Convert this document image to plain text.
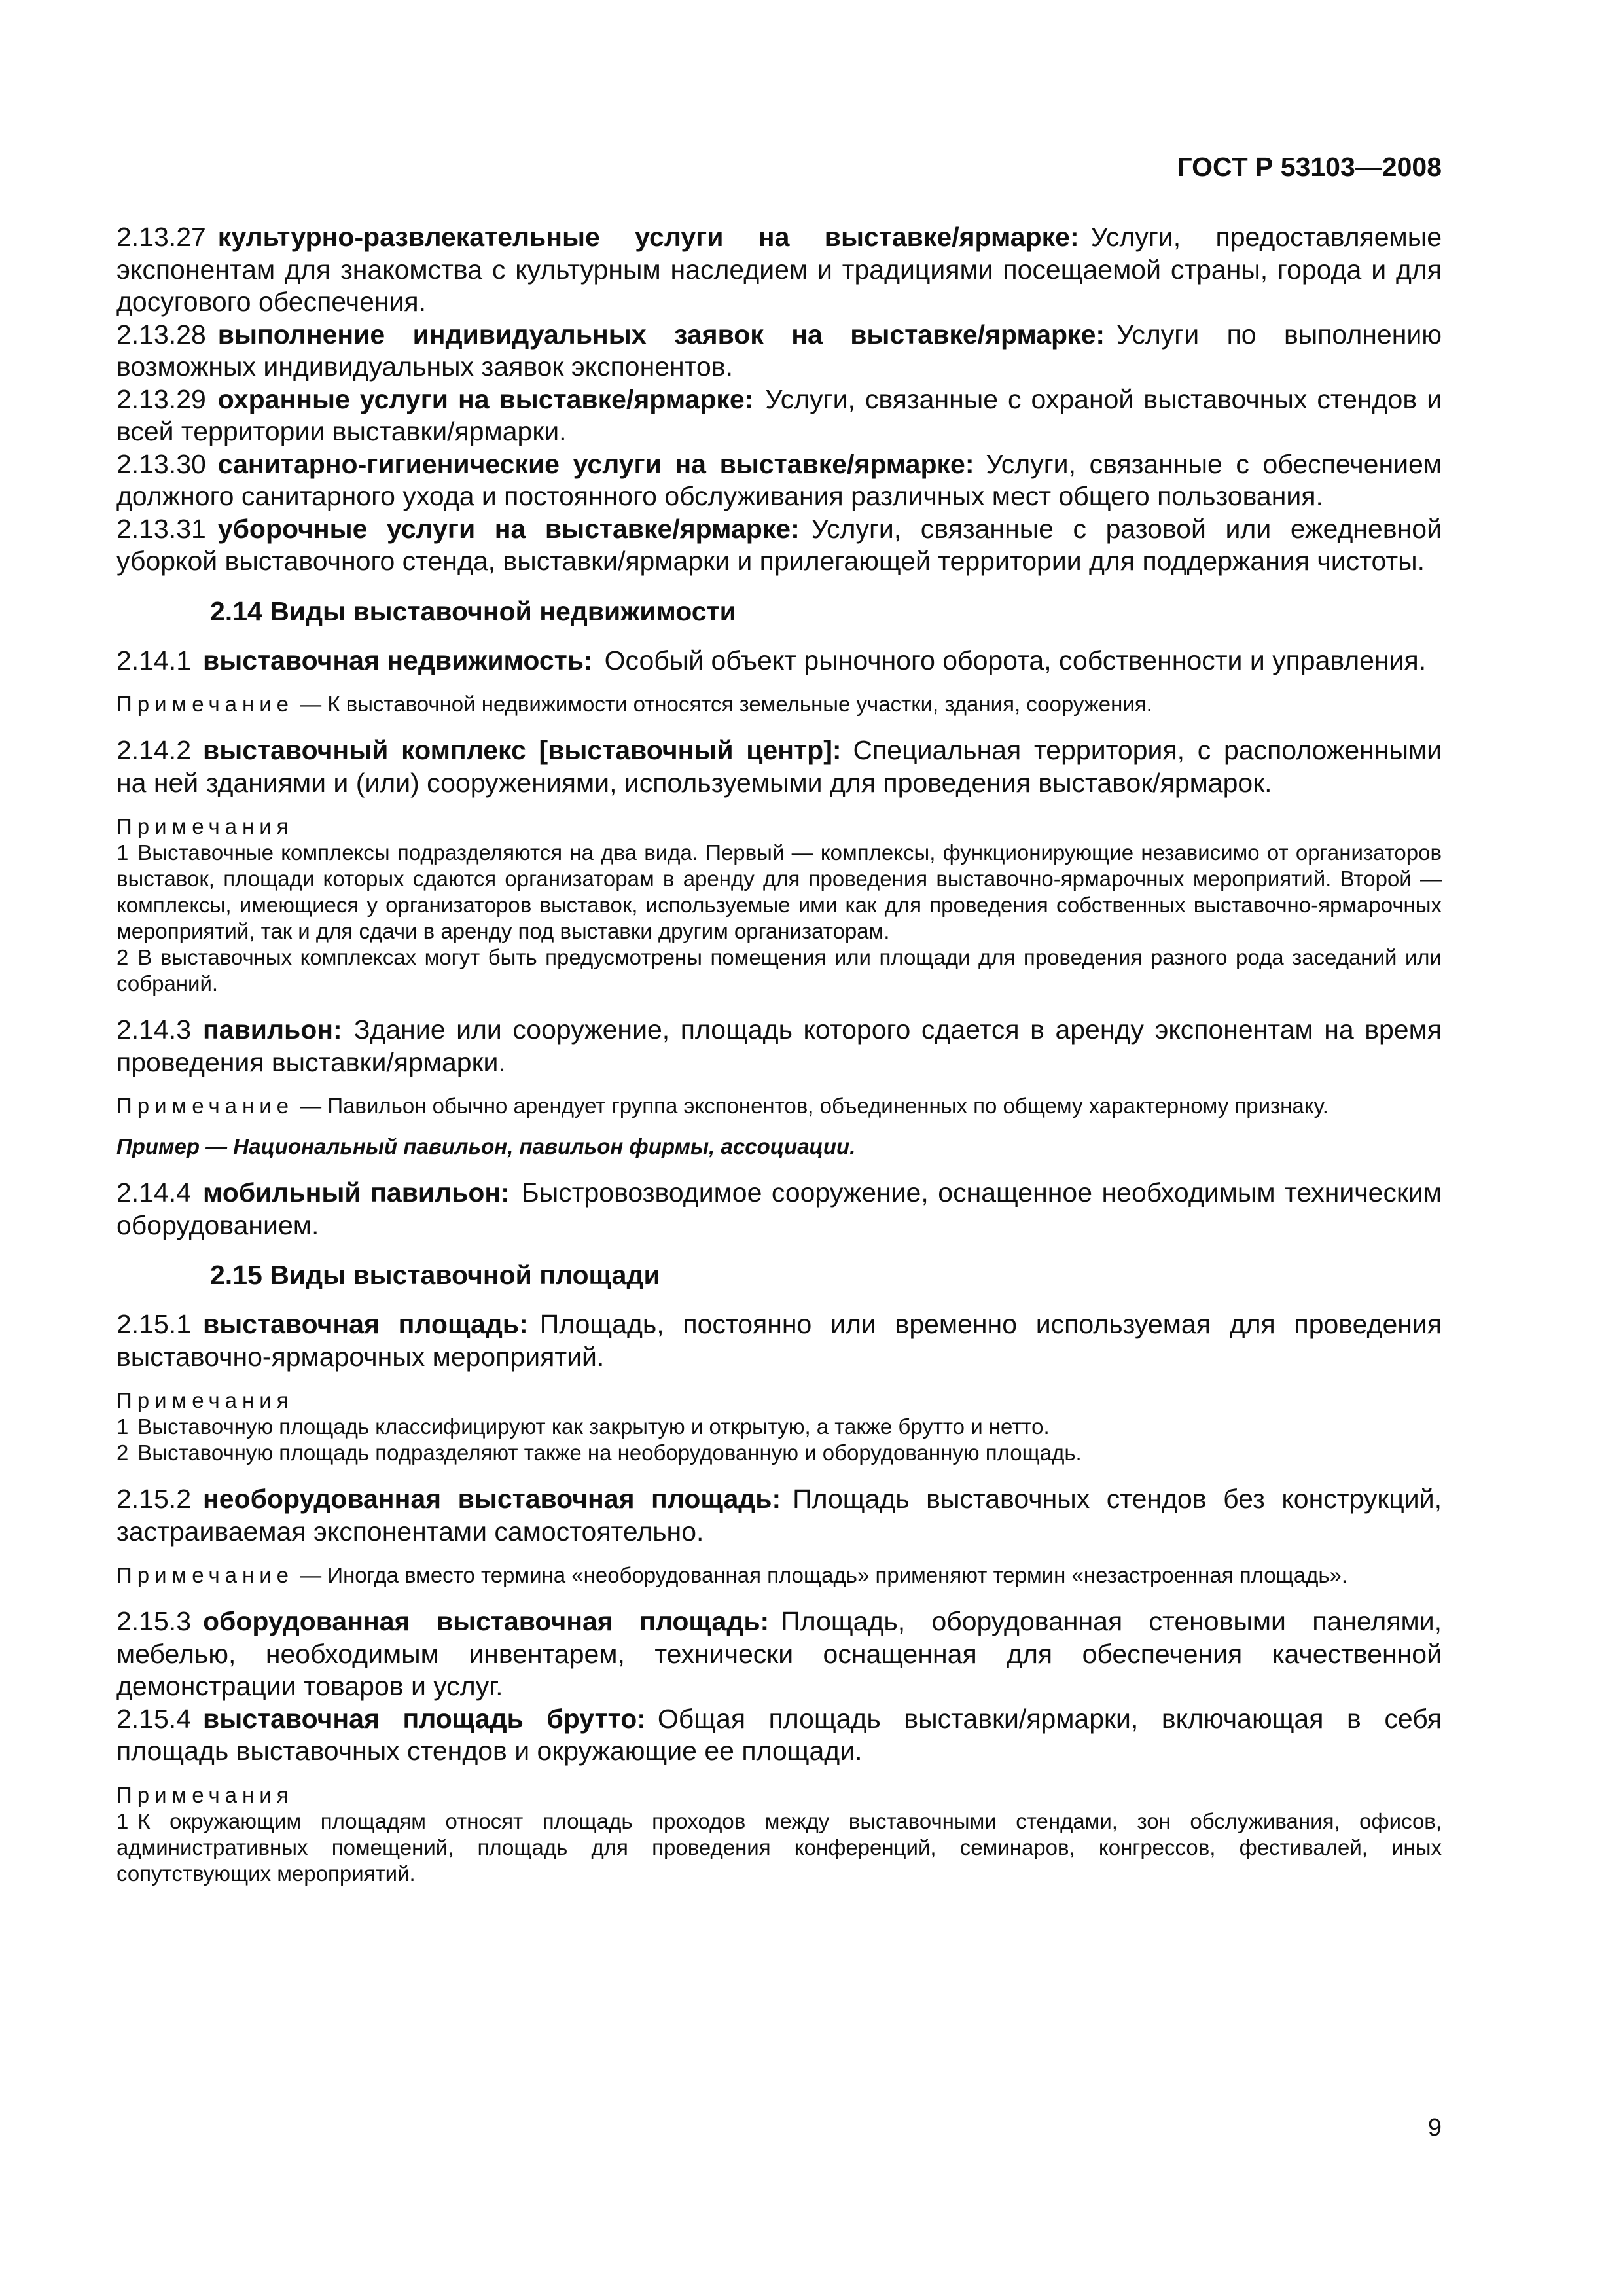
ГОСТ Р 53103—2008

2.13.27 культурно-развлекательные услуги на выставке/ярмарке: Услуги, предоставляемые экспонентам для знакомства с культурным наследием и традициями посещаемой страны, города и для досугового обеспечения.

2.13.28 выполнение индивидуальных заявок на выставке/ярмарке: Услуги по выполнению возможных индивидуальных заявок экспонентов.

2.13.29 охранные услуги на выставке/ярмарке: Услуги, связанные с охраной выставочных стендов и всей территории выставки/ярмарки.

2.13.30 санитарно-гигиенические услуги на выставке/ярмарке: Услуги, связанные с обеспечением должного санитарного ухода и постоянного обслуживания различных мест общего пользования.

2.13.31 уборочные услуги на выставке/ярмарке: Услуги, связанные с разовой или ежедневной уборкой выставочного стенда, выставки/ярмарки и прилегающей территории для поддержания чистоты.

2.14 Виды выставочной недвижимости

2.14.1 выставочная недвижимость: Особый объект рыночного оборота, собственности и управления.

Примечание — К выставочной недвижимости относятся земельные участки, здания, сооружения.

2.14.2 выставочный комплекс [выставочный центр]: Специальная территория, с расположенными на ней зданиями и (или) сооружениями, используемыми для проведения выставок/ярмарок.

Примечания
1 Выставочные комплексы подразделяются на два вида. Первый — комплексы, функционирующие независимо от организаторов выставок, площади которых сдаются организаторам в аренду для проведения выставочно-ярмарочных мероприятий. Второй — комплексы, имеющиеся у организаторов выставок, используемые ими как для проведения собственных выставочно-ярмарочных мероприятий, так и для сдачи в аренду под выставки другим организаторам.
2 В выставочных комплексах могут быть предусмотрены помещения или площади для проведения разного рода заседаний или собраний.

2.14.3 павильон: Здание или сооружение, площадь которого сдается в аренду экспонентам на время проведения выставки/ярмарки.

Примечание — Павильон обычно арендует группа экспонентов, объединенных по общему характерному признаку.

Пример — Национальный павильон, павильон фирмы, ассоциации.

2.14.4 мобильный павильон: Быстровозводимое сооружение, оснащенное необходимым техническим оборудованием.

2.15 Виды выставочной площади

2.15.1 выставочная площадь: Площадь, постоянно или временно используемая для проведения выставочно-ярмарочных мероприятий.

Примечания
1 Выставочную площадь классифицируют как закрытую и открытую, а также брутто и нетто.
2 Выставочную площадь подразделяют также на необорудованную и оборудованную площадь.

2.15.2 необорудованная выставочная площадь: Площадь выставочных стендов без конструкций, застраиваемая экспонентами самостоятельно.

Примечание — Иногда вместо термина «необорудованная площадь» применяют термин «незастроенная площадь».

2.15.3 оборудованная выставочная площадь: Площадь, оборудованная стеновыми панелями, мебелью, необходимым инвентарем, технически оснащенная для обеспечения качественной демонстрации товаров и услуг.

2.15.4 выставочная площадь брутто: Общая площадь выставки/ярмарки, включающая в себя площадь выставочных стендов и окружающие ее площади.

Примечания
1 К окружающим площадям относят площадь проходов между выставочными стендами, зон обслуживания, офисов, административных помещений, площадь для проведения конференций, семинаров, конгрессов, фестивалей, иных сопутствующих мероприятий.
9
